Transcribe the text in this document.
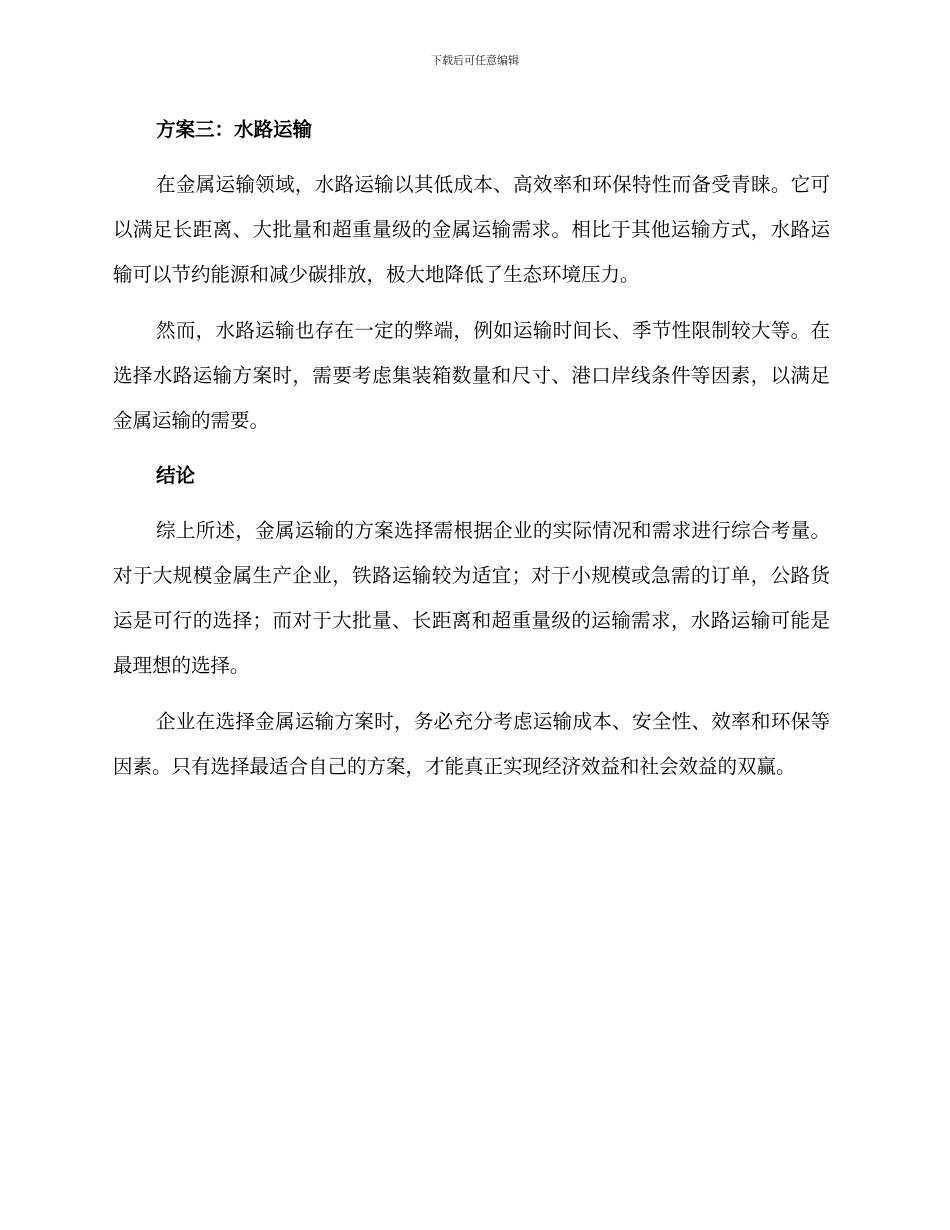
下载后可任意编辑
方案三：水路运输

在金属运输领域，水路运输以其低成本、高效率和环保特性而备受青睐。它可以满足长距离、大批量和超重量级的金属运输需求。相比于其他运输方式，水路运输可以节约能源和减少碳排放，极大地降低了生态环境压力。

然而，水路运输也存在一定的弊端，例如运输时间长、季节性限制较大等。在选择水路运输方案时，需要考虑集装箱数量和尺寸、港口岸线条件等因素，以满足金属运输的需要。

结论

综上所述，金属运输的方案选择需根据企业的实际情况和需求进行综合考量。对于大规模金属生产企业，铁路运输较为适宜；对于小规模或急需的订单，公路货运是可行的选择；而对于大批量、长距离和超重量级的运输需求，水路运输可能是最理想的选择。

企业在选择金属运输方案时，务必充分考虑运输成本、安全性、效率和环保等因素。只有选择最适合自己的方案，才能真正实现经济效益和社会效益的双赢。
